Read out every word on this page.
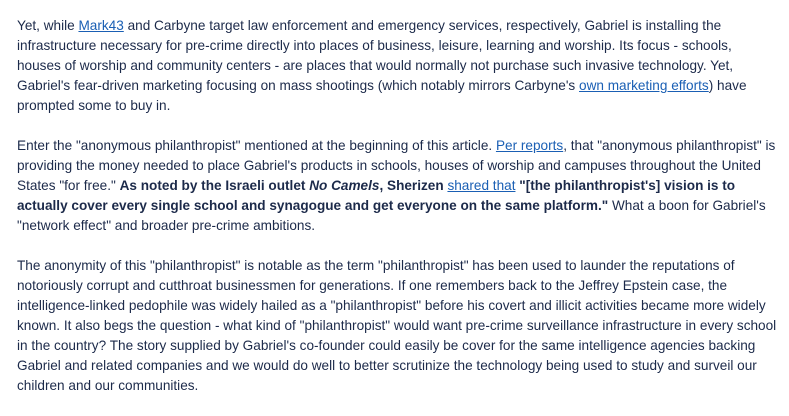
Yet, while Mark43 and Carbyne target law enforcement and emergency services, respectively, Gabriel is installing the infrastructure necessary for pre-crime directly into places of business, leisure, learning and worship. Its focus - schools, houses of worship and community centers - are places that would normally not purchase such invasive technology. Yet, Gabriel's fear-driven marketing focusing on mass shootings (which notably mirrors Carbyne's own marketing efforts) have prompted some to buy in.

Enter the "anonymous philanthropist" mentioned at the beginning of this article. Per reports, that "anonymous philanthropist" is providing the money needed to place Gabriel's products in schools, houses of worship and campuses throughout the United States "for free." As noted by the Israeli outlet No Camels, Sherizen shared that "[the philanthropist's] vision is to actually cover every single school and synagogue and get everyone on the same platform." What a boon for Gabriel's "network effect" and broader pre-crime ambitions.

The anonymity of this "philanthropist" is notable as the term "philanthropist" has been used to launder the reputations of notoriously corrupt and cutthroat businessmen for generations. If one remembers back to the Jeffrey Epstein case, the intelligence-linked pedophile was widely hailed as a "philanthropist" before his covert and illicit activities became more widely known. It also begs the question - what kind of "philanthropist" would want pre-crime surveillance infrastructure in every school in the country? The story supplied by Gabriel's co-founder could easily be cover for the same intelligence agencies backing Gabriel and related companies and we would do well to better scrutinize the technology being used to study and surveil our children and our communities.
